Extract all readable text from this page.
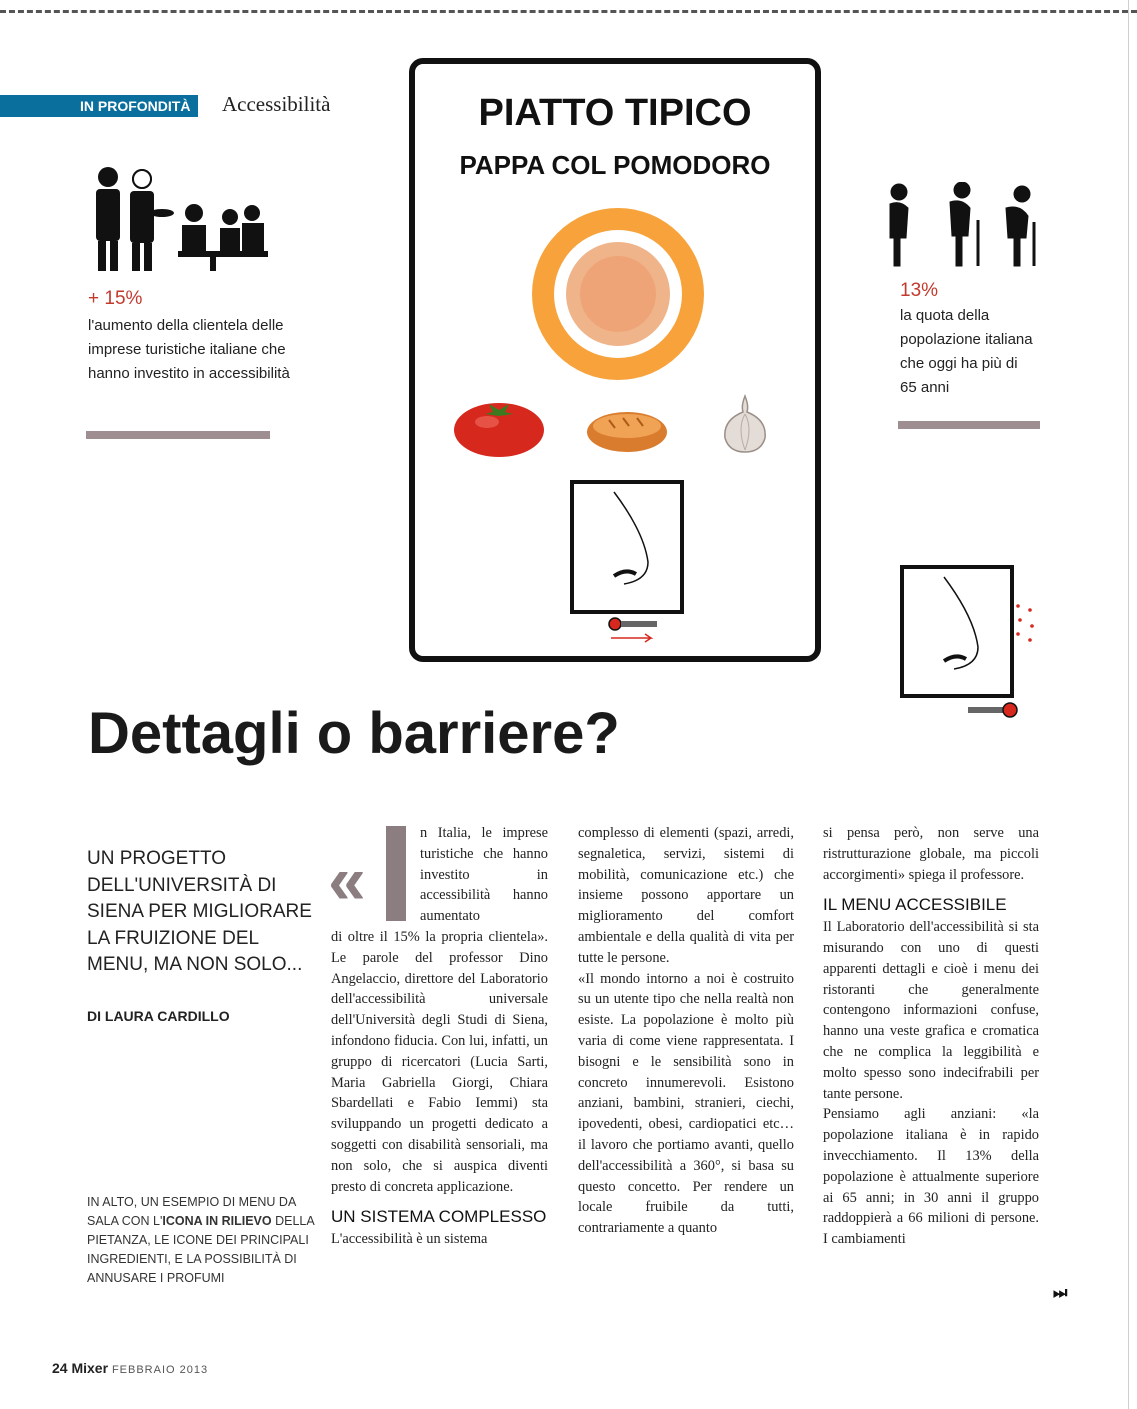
IN PROFONDITÀ	Accessibilità
+ 15%
l'aumento della clientela delle imprese turistiche italiane che hanno investito in accessibilità
13%
la quota della popolazione italiana che oggi ha più di 65 anni
PIATTO TIPICO
PAPPA COL POMODORO
Dettagli o barriere?
UN PROGETTO DELL'UNIVERSITÀ DI SIENA PER MIGLIORARE LA FRUIZIONE DEL MENU, MA NON SOLO...
DI LAURA CARDILLO
IN ALTO, UN ESEMPIO DI MENU DA SALA CON L'ICONA IN RILIEVO DELLA PIETANZA, LE ICONE DEI PRINCIPALI INGREDIENTI, E LA POSSIBILITÀ DI ANNUSARE I PROFUMI
«

n Italia, le imprese turistiche che hanno investito in accessibilità hanno aumentato

di oltre il 15% la propria clientela». Le parole del professor Dino Angelaccio, direttore del Laboratorio dell'accessibilità universale dell'Università degli Studi di Siena, infondono fiducia. Con lui, infatti, un gruppo di ricercatori (Lucia Sarti, Maria Gabriella Giorgi, Chiara Sbardellati e Fabio Iemmi) sta sviluppando un progetti dedicato a soggetti con disabilità sensoriali, ma non solo, che si auspica diventi presto di concreta applicazione.

UN SISTEMA COMPLESSO

L'accessibilità è un sistema

complesso di elementi (spazi, arredi, segnaletica, servizi, sistemi di mobilità, comunicazione etc.) che insieme possono apportare un miglioramento del comfort ambientale e della qualità di vita per tutte le persone.

«Il mondo intorno a noi è costruito su un utente tipo che nella realtà non esiste. La popolazione è molto più varia di come viene rappresentata. I bisogni e le sensibilità sono in concreto innumerevoli. Esistono anziani, bambini, stranieri, ciechi, ipovedenti, obesi, cardiopatici etc… il lavoro che portiamo avanti, quello dell'accessibilità a 360°, si basa su questo concetto. Per rendere un locale fruibile da tutti, contrariamente a quanto

si pensa però, non serve una ristrutturazione globale, ma piccoli accorgimenti» spiega il professore.

IL MENU ACCESSIBILE

Il Laboratorio dell'accessibilità si sta misurando con uno di questi apparenti dettagli e cioè i menu dei ristoranti che generalmente contengono informazioni confuse, hanno una veste grafica e cromatica che ne complica la leggibilità e molto spesso sono indecifrabili per tante persone.

Pensiamo agli anziani: «la popolazione italiana è in rapido invecchiamento. Il 13% della popolazione è attualmente superiore ai 65 anni; in 30 anni il gruppo raddoppierà a 66 milioni di persone. I cambiamenti

⏭
24 Mixer FEBBRAIO 2013
